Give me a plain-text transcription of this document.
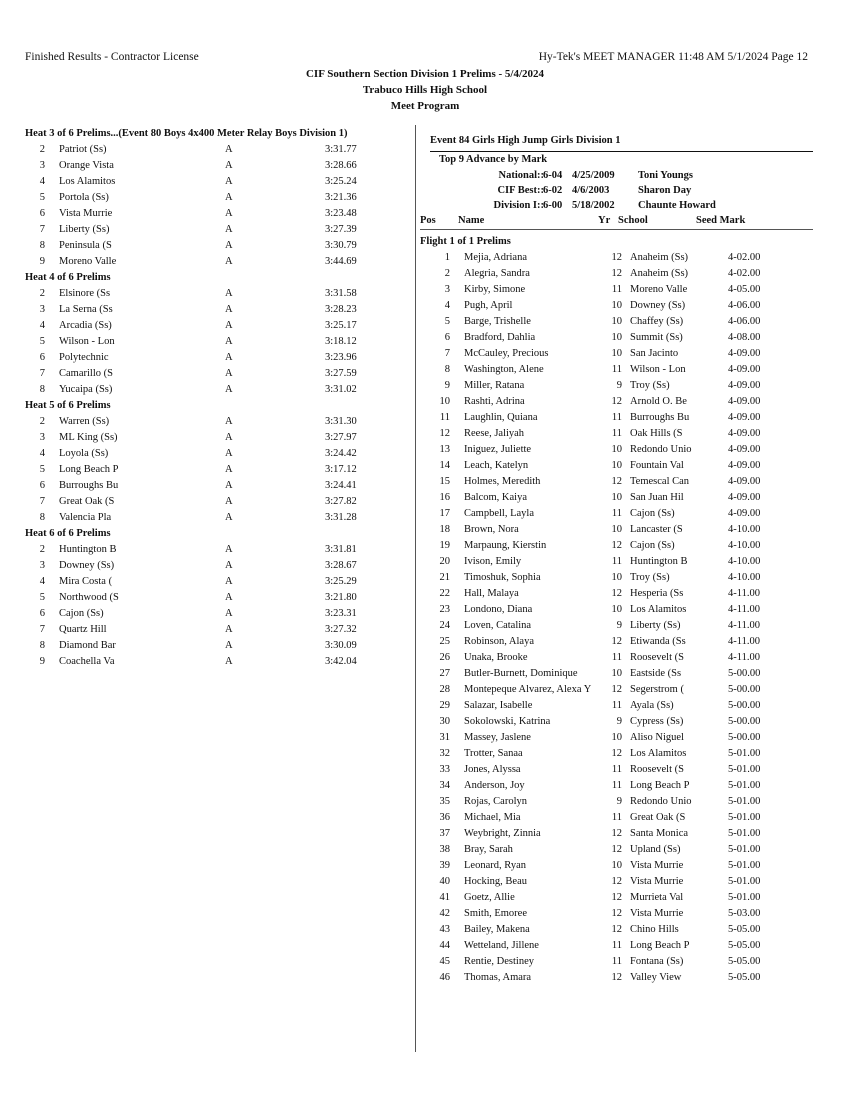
Finished Results - Contractor License	Hy-Tek's MEET MANAGER 11:48 AM 5/1/2024 Page 12
CIF Southern Section Division 1 Prelims - 5/4/2024
Trabuco Hills High School
Meet Program
Heat 3 of 6 Prelims...(Event 80 Boys 4x400 Meter Relay Boys Division 1)
2 Patriot (Ss)	A	3:31.77
3 Orange Vista	A	3:28.66
4 Los Alamitos	A	3:25.24
5 Portola (Ss)	A	3:21.36
6 Vista Murrie	A	3:23.48
7 Liberty (Ss)	A	3:27.39
8 Peninsula (S	A	3:30.79
9 Moreno Valle	A	3:44.69
Heat 4 of 6 Prelims
2 Elsinore (Ss	A	3:31.58
3 La Serna (Ss	A	3:28.23
4 Arcadia (Ss)	A	3:25.17
5 Wilson - Lon	A	3:18.12
6 Polytechnic	A	3:23.96
7 Camarillo (S	A	3:27.59
8 Yucaipa (Ss)	A	3:31.02
Heat 5 of 6 Prelims
2 Warren (Ss)	A	3:31.30
3 ML King (Ss)	A	3:27.97
4 Loyola (Ss)	A	3:24.42
5 Long Beach P	A	3:17.12
6 Burroughs Bu	A	3:24.41
7 Great Oak (S	A	3:27.82
8 Valencia Pla	A	3:31.28
Heat 6 of 6 Prelims
2 Huntington B	A	3:31.81
3 Downey (Ss)	A	3:28.67
4 Mira Costa (	A	3:25.29
5 Northwood (S	A	3:21.80
6 Cajon (Ss)	A	3:23.31
7 Quartz Hill	A	3:27.32
8 Diamond Bar	A	3:30.09
9 Coachella Va	A	3:42.04
Event 84 Girls High Jump Girls Division 1
Top 9 Advance by Mark
National:: 6-04 4/25/2009 Toni Youngs
CIF Best:: 6-02 4/6/2003	Sharon Day
Division I:: 6-00 5/18/2002 Chaunte Howard
Pos Name	Yr School	Seed Mark
Flight 1 of 1 Prelims
1 Mejia, Adriana	12 Anaheim (Ss)	4-02.00
2 Alegria, Sandra	12 Anaheim (Ss)	4-02.00
3 Kirby, Simone	11 Moreno Valle	4-05.00
4 Pugh, April	10 Downey (Ss)	4-06.00
5 Barge, Trishelle	10 Chaffey (Ss)	4-06.00
6 Bradford, Dahlia	10 Summit (Ss)	4-08.00
7 McCauley, Precious	10 San Jacinto	4-09.00
8 Washington, Alene	11 Wilson - Lon	4-09.00
9 Miller, Ratana	9 Troy (Ss)	4-09.00
10 Rashti, Adrina	12 Arnold O. Be	4-09.00
11 Laughlin, Quiana	11 Burroughs Bu	4-09.00
12 Reese, Jaliyah	11 Oak Hills (S	4-09.00
13 Iniguez, Juliette	10 Redondo Unio	4-09.00
14 Leach, Katelyn	10 Fountain Val	4-09.00
15 Holmes, Meredith	12 Temescal Can	4-09.00
16 Balcom, Kaiya	10 San Juan Hil	4-09.00
17 Campbell, Layla	11 Cajon (Ss)	4-09.00
18 Brown, Nora	10 Lancaster (S	4-10.00
19 Marpaung, Kierstin	12 Cajon (Ss)	4-10.00
20 Ivison, Emily	11 Huntington B	4-10.00
21 Timoshuk, Sophia	10 Troy (Ss)	4-10.00
22 Hall, Malaya	12 Hesperia (Ss	4-11.00
23 Londono, Diana	10 Los Alamitos	4-11.00
24 Loven, Catalina	9 Liberty (Ss)	4-11.00
25 Robinson, Alaya	12 Etiwanda (Ss	4-11.00
26 Unaka, Brooke	11 Roosevelt (S	4-11.00
27 Butler-Burnett, Dominique	10 Eastside (Ss	5-00.00
28 Montepeque Alvarez, Alexa Y	12 Segerstrom (	5-00.00
29 Salazar, Isabelle	11 Ayala (Ss)	5-00.00
30 Sokolowski, Katrina	9 Cypress (Ss)	5-00.00
31 Massey, Jaslene	10 Aliso Niguel	5-00.00
32 Trotter, Sanaa	12 Los Alamitos	5-01.00
33 Jones, Alyssa	11 Roosevelt (S	5-01.00
34 Anderson, Joy	11 Long Beach P	5-01.00
35 Rojas, Carolyn	9 Redondo Unio	5-01.00
36 Michael, Mia	11 Great Oak (S	5-01.00
37 Weybright, Zinnia	12 Santa Monica	5-01.00
38 Bray, Sarah	12 Upland (Ss)	5-01.00
39 Leonard, Ryan	10 Vista Murrie	5-01.00
40 Hocking, Beau	12 Vista Murrie	5-01.00
41 Goetz, Allie	12 Murrieta Val	5-01.00
42 Smith, Emoree	12 Vista Murrie	5-03.00
43 Bailey, Makena	12 Chino Hills	5-05.00
44 Wetteland, Jillene	11 Long Beach P	5-05.00
45 Rentie, Destiney	11 Fontana (Ss)	5-05.00
46 Thomas, Amara	12 Valley View	5-05.00
